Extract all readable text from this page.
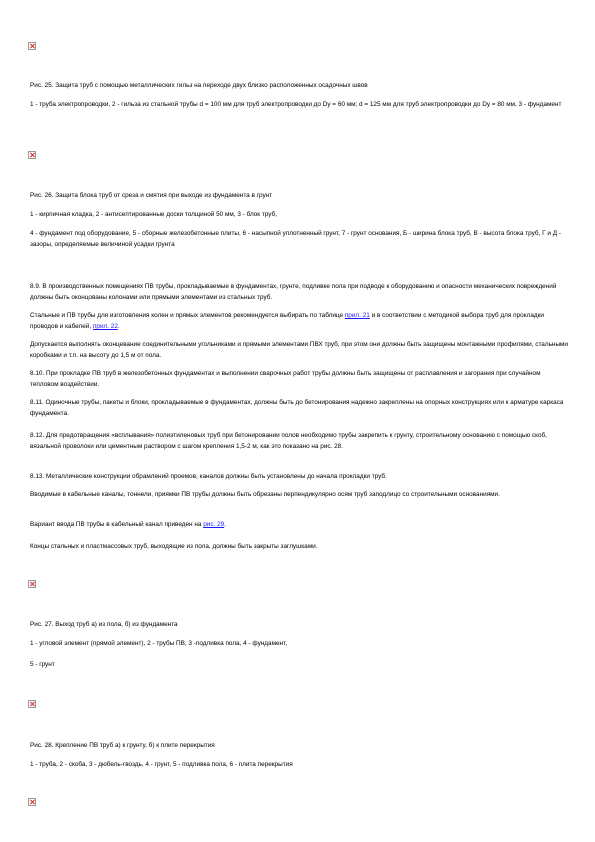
Рис. 25. Защита труб с помощью металлических гильз на переходе двух близко расположенных осадочных швов
1 - труба электропроводки, 2 - гильза из стальной трубы d = 100 мм для труб электропроводки до Dу = 60 мм; d = 125 мм для труб электропроводки до Dу = 80 мм, 3 - фундамент
Рис. 26. Защита блока труб от среза и смятия при выходе из фундамента в грунт
1 - кирпичная кладка, 2 - антисептированные доски толщиной 50 мм, 3 - блок труб,
4 - фундамент под оборудование, 5 - сборные железобетонные плиты, 6 - насыпной уплотненный грунт, 7 - грунт основания, Б - ширина блока труб, В - высота блока труб, Г и Д - зазоры, определяемые величиной усадки грунта
8.9. В производственных помещениях ПВ трубы, прокладываемые в фундаментах, грунте, подливке пола при подводе к оборудованию и опасности механических повреждений должны быть оконцованы колонами или прямыми элементами из стальных труб.
Стальные и ПВ трубы для изготовления колен и прямых элементов рекомендуется выбирать по таблице прил. 21 и в соответствии с методикой выбора труб для прокладки проводов и кабелей, прил. 22.
Допускается выполнять оконцевание соединительными угольниками и прямыми элементами ПВХ труб, при этом они должны быть защищены монтажными профилями, стальными коробками и т.п. на высоту до 1,5 м от пола.
8.10. При прокладке ПВ труб в железобетонных фундаментах и выполнении сварочных работ трубы должны быть защищены от расплавления и загорания при случайном тепловом воздействии.
8.11. Одиночные трубы, пакеты и блоки, прокладываемые в фундаментах, должны быть до бетонирования надежно закреплены на опорных конструкциях или к арматуре каркаса фундамента.
8.12. Для предотвращения «всплывания» полиэтиленовых труб при бетонировании полов необходимо трубы закрепить к грунту, строительному основанию с помощью скоб, вязальной проволоки или цементным раствором с шагом крепления 1,5-2 м, как это показано на рис. 28.
8.13. Металлические конструкции обрамлений проемов, каналов должны быть установлены до начала прокладки труб.
Вводимые в кабельные каналы, тоннели, приямки ПВ трубы должны быть обрезаны перпендикулярно осям труб заподлицо со строительными основаниями.
Вариант ввода ПВ трубы в кабельный канал приведен на рис. 29.
Концы стальных и пластмассовых труб, выходящие из пола, должны быть закрыты заглушками.
Рис. 27. Выход труб а) из пола, б) из фундамента
1 - угловой элемент (прямой элемент), 2 - трубы ПВ, 3 -подливка пола, 4 - фундамент,
5 - грунт
Рис. 28. Крепление ПВ труб а) к грунту, б) к плите перекрытия
1 - труба, 2 - скоба, 3 - дюбель-гвоздь, 4 - грунт, 5 - подливка пола, 6 - плита перекрытия
